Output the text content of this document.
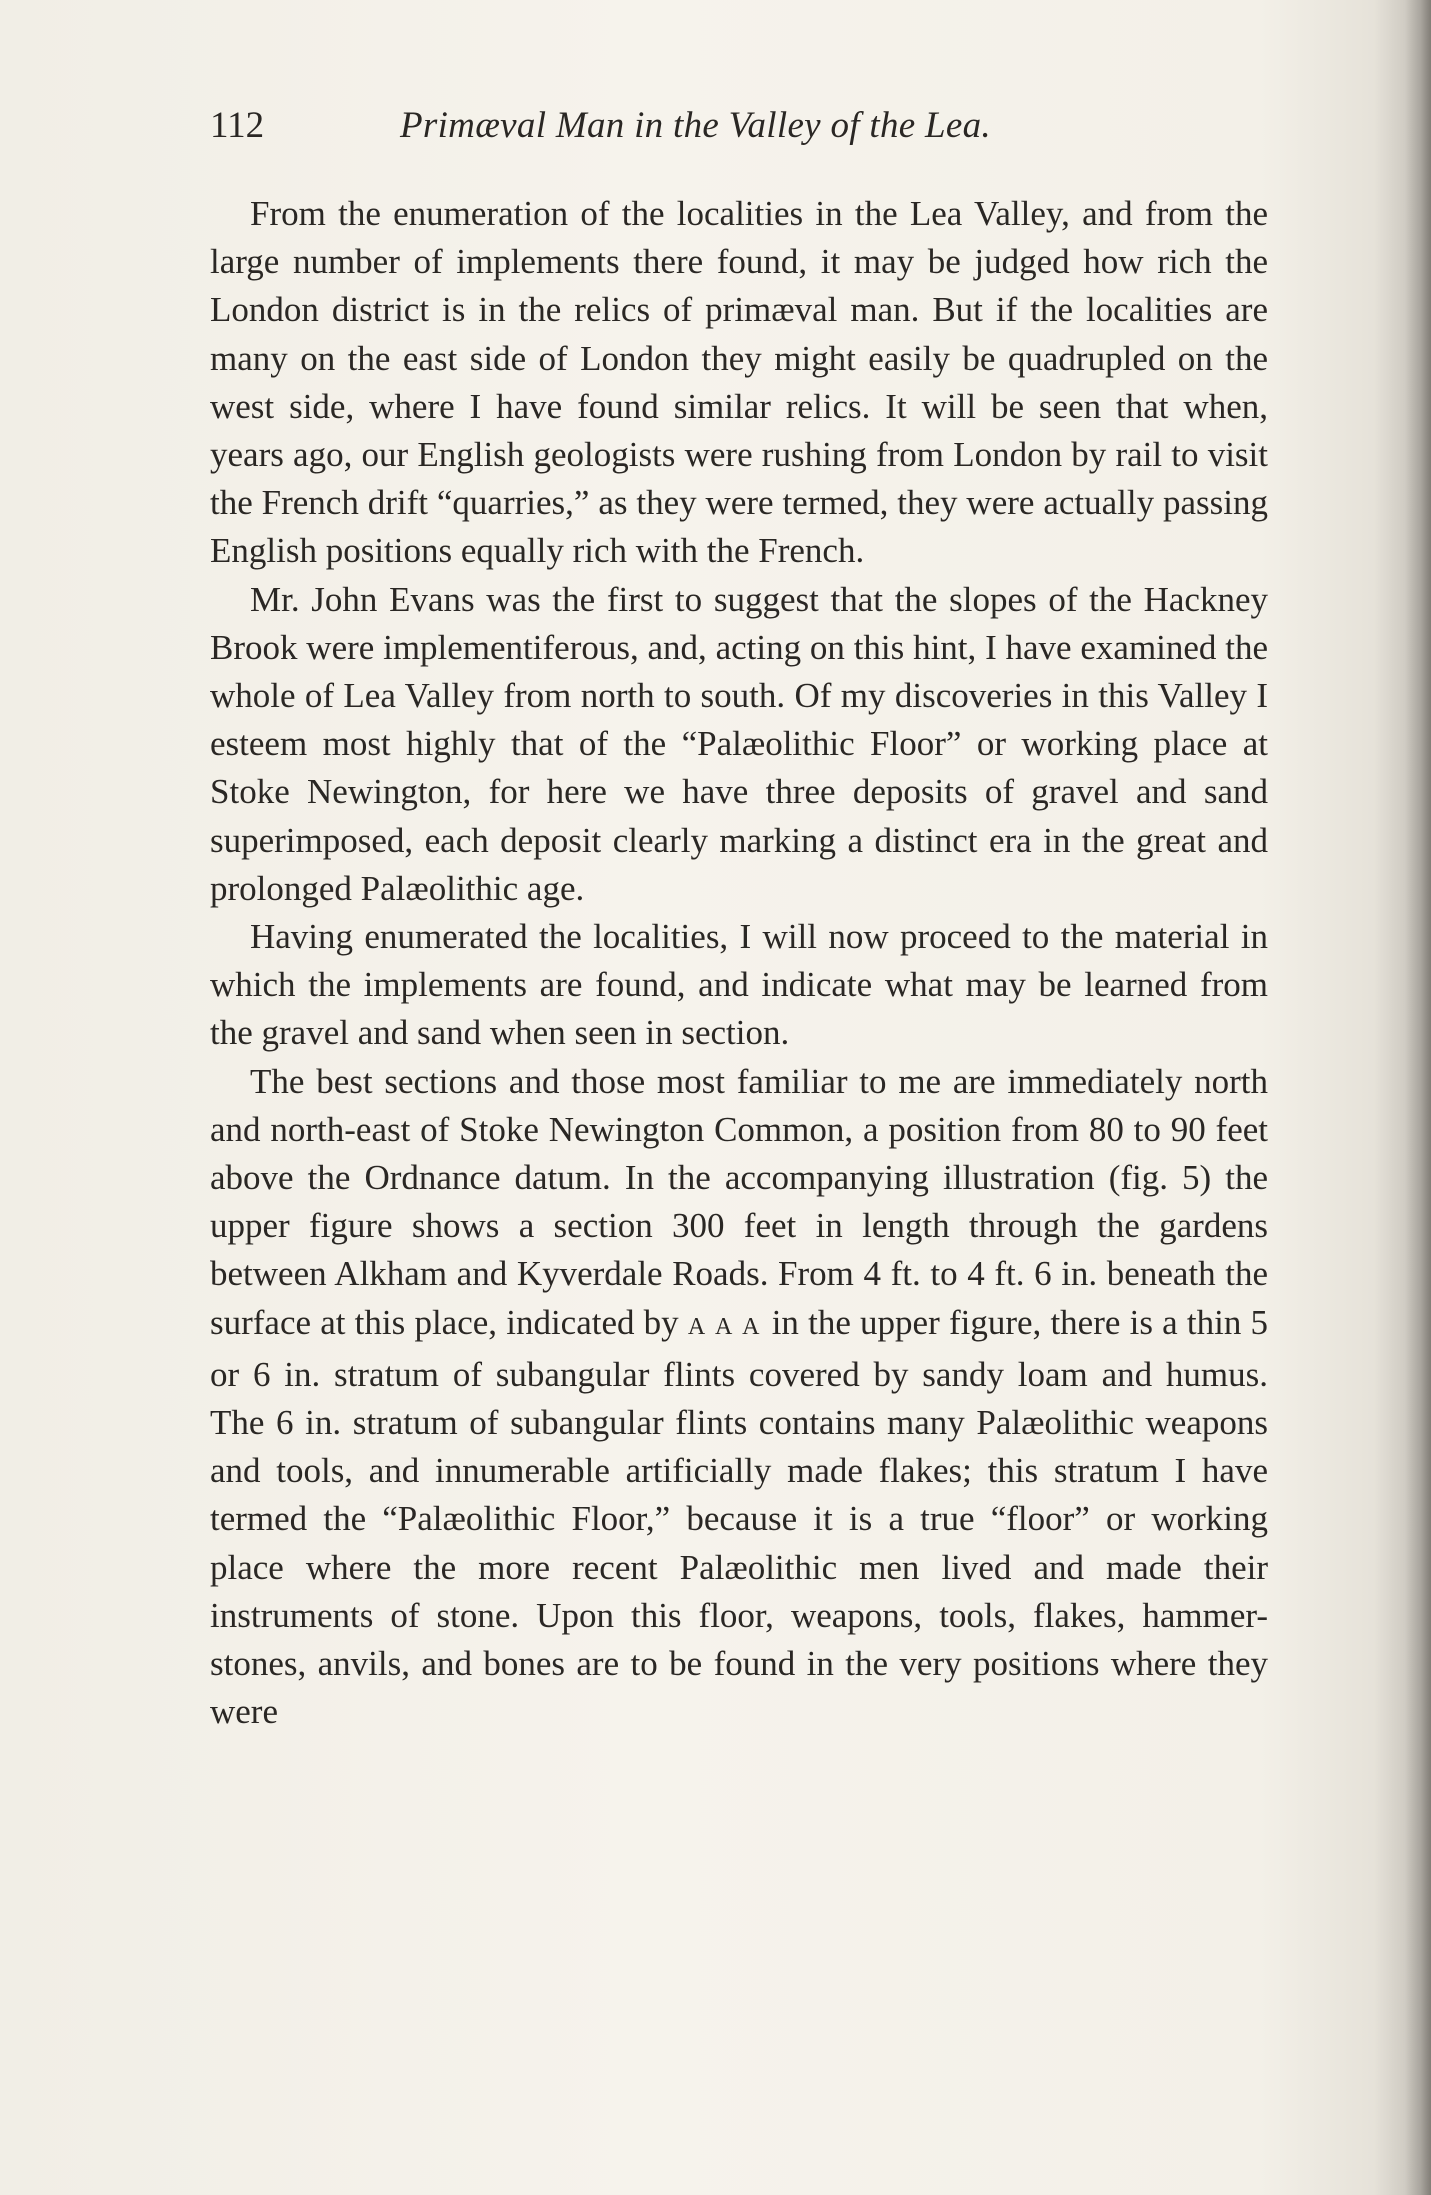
112	Primæval Man in the Valley of the Lea.

From the enumeration of the localities in the Lea Valley, and from the large number of implements there found, it may be judged how rich the London district is in the relics of primæval man. But if the localities are many on the east side of London they might easily be quadrupled on the west side, where I have found similar relics. It will be seen that when, years ago, our English geologists were rushing from London by rail to visit the French drift “quarries,” as they were termed, they were actually passing English positions equally rich with the French.

Mr. John Evans was the first to suggest that the slopes of the Hackney Brook were implementiferous, and, acting on this hint, I have examined the whole of Lea Valley from north to south. Of my discoveries in this Valley I esteem most highly that of the “Palæolithic Floor” or working place at Stoke Newington, for here we have three deposits of gravel and sand superimposed, each deposit clearly marking a distinct era in the great and prolonged Palæolithic age.

Having enumerated the localities, I will now proceed to the material in which the implements are found, and indicate what may be learned from the gravel and sand when seen in section.

The best sections and those most familiar to me are immediately north and north-east of Stoke Newington Common, a position from 80 to 90 feet above the Ordnance datum. In the accompanying illustration (fig. 5) the upper figure shows a section 300 feet in length through the gardens between Alkham and Kyverdale Roads. From 4 ft. to 4 ft. 6 in. beneath the surface at this place, indicated by A A A in the upper figure, there is a thin 5 or 6 in. stratum of subangular flints covered by sandy loam and humus. The 6 in. stratum of subangular flints contains many Palæolithic weapons and tools, and innumerable artificially made flakes; this stratum I have termed the “Palæolithic Floor,” because it is a true “floor” or working place where the more recent Palæolithic men lived and made their instruments of stone. Upon this floor, weapons, tools, flakes, hammer-stones, anvils, and bones are to be found in the very positions where they were
